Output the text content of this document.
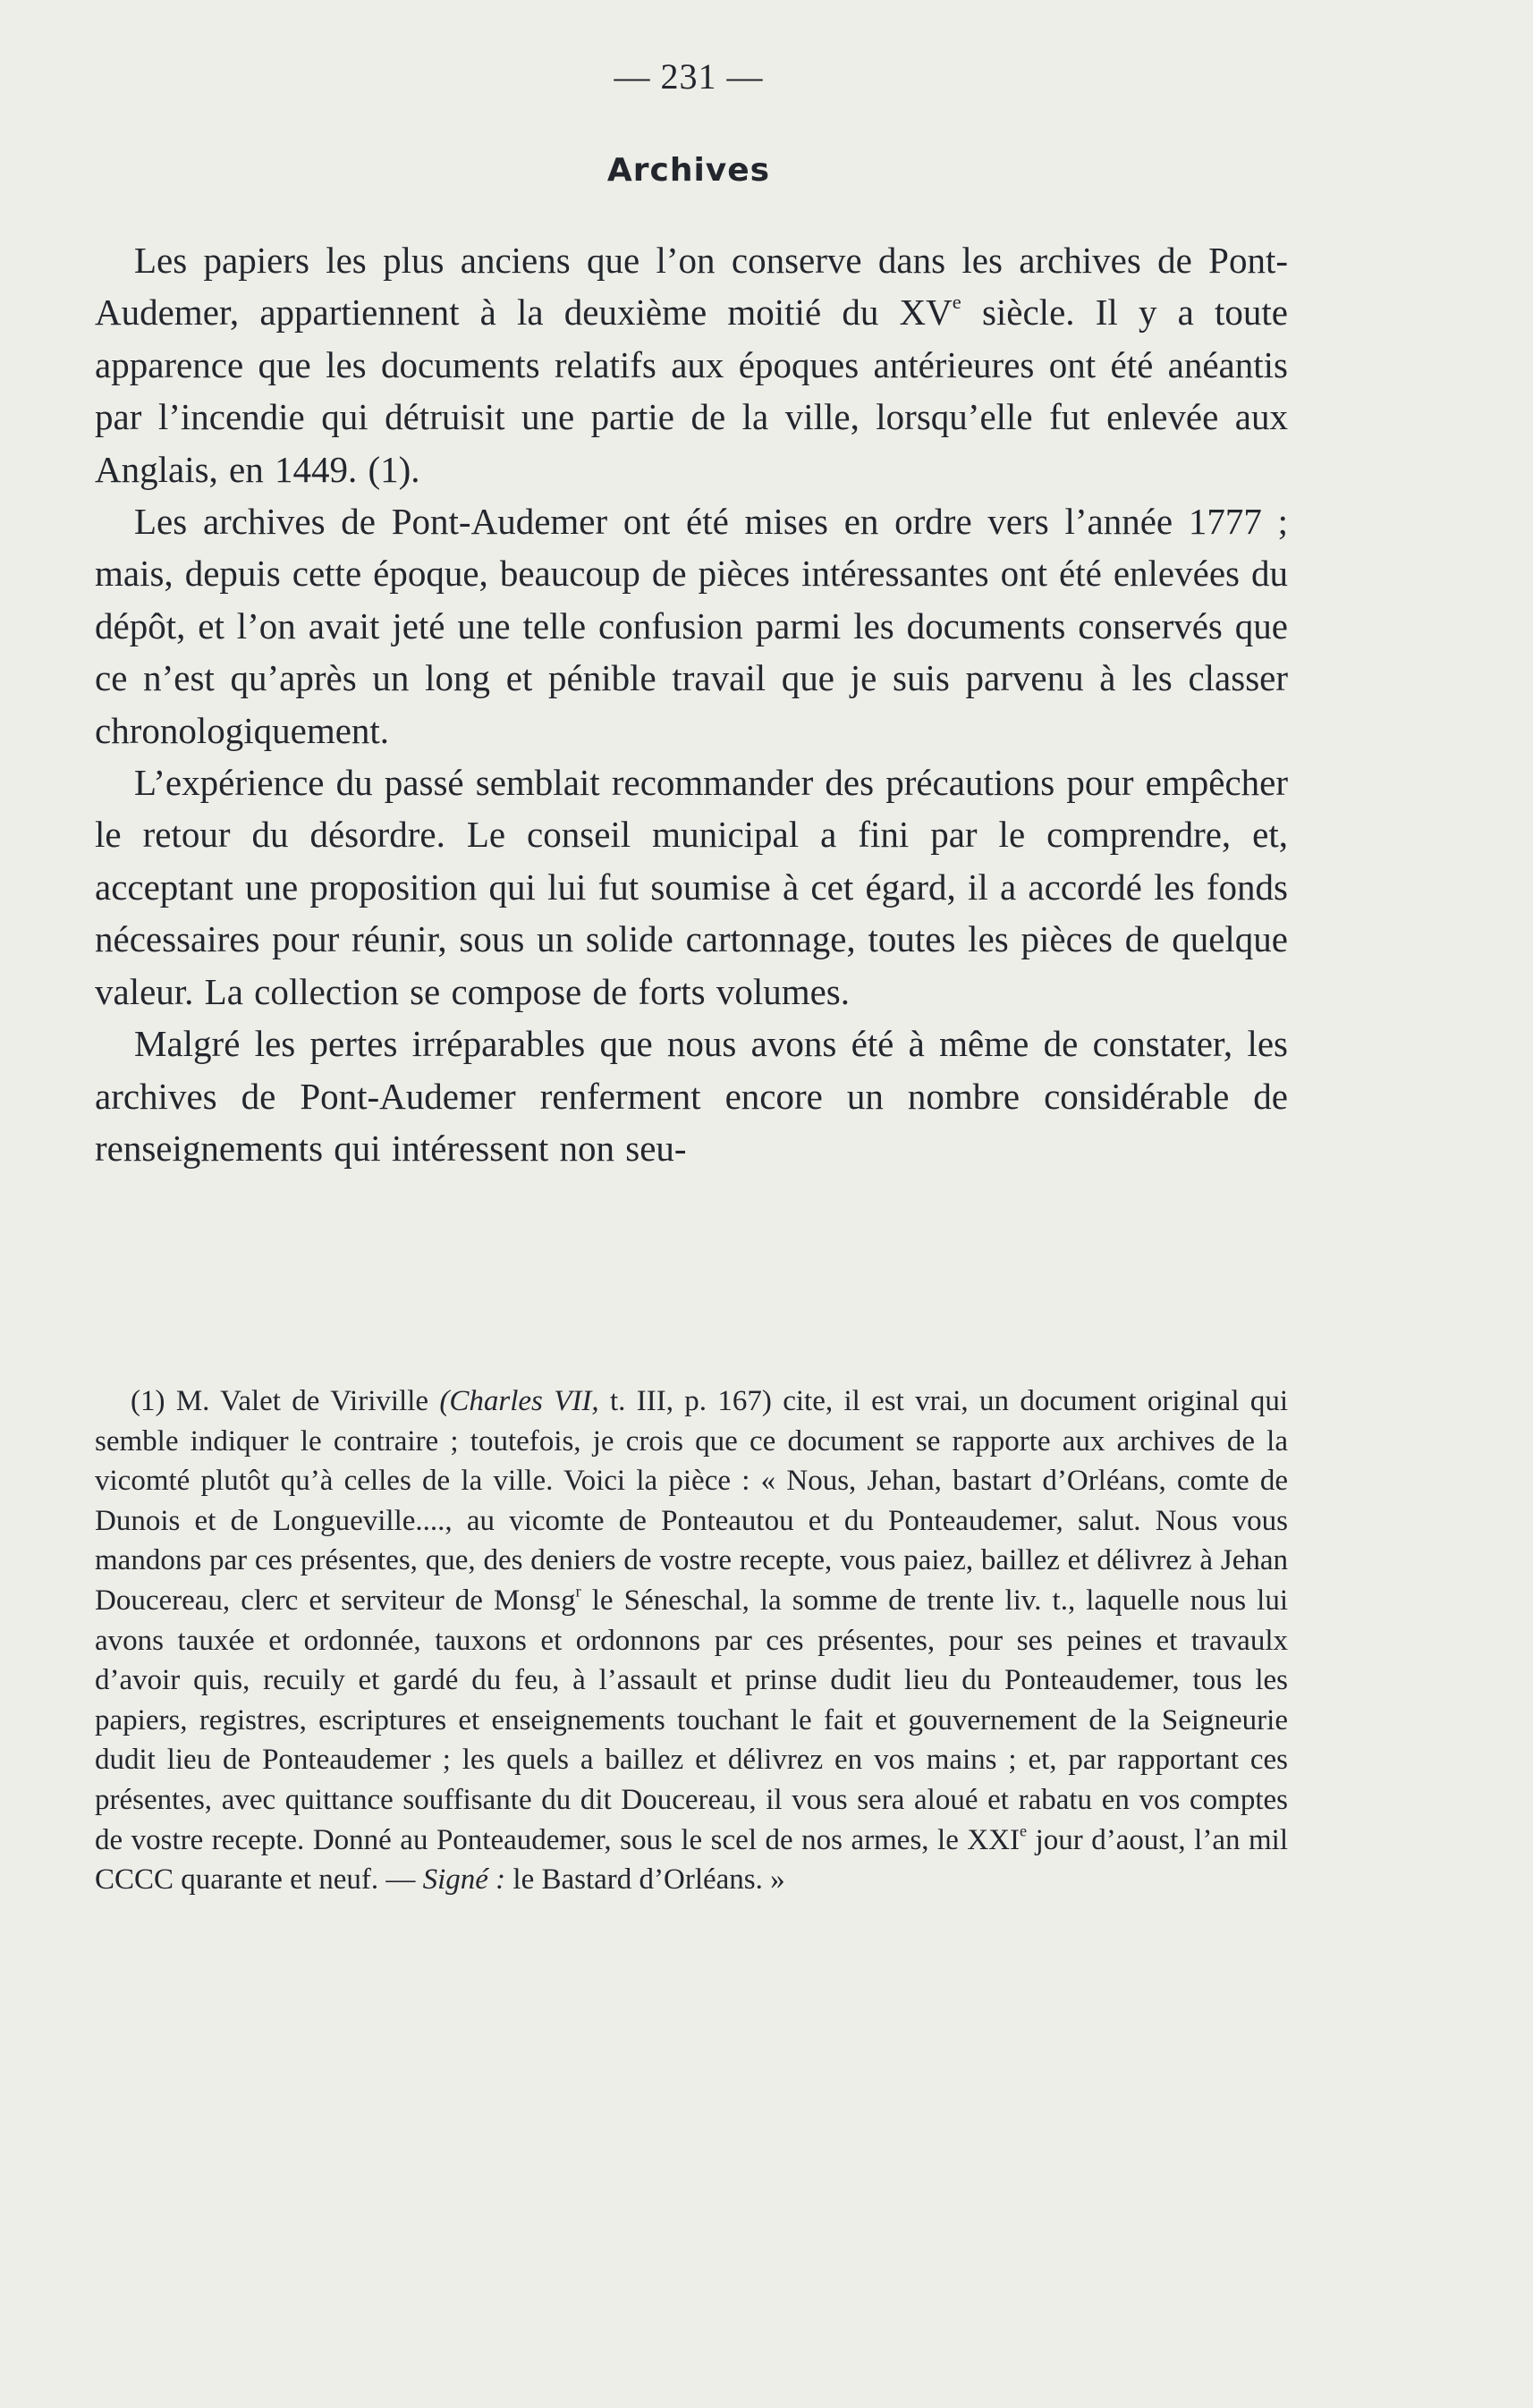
— 231 —
Archives

Les papiers les plus anciens que l’on conserve dans les archives de Pont-Audemer, appartiennent à la deuxième moitié du XVe siècle. Il y a toute apparence que les documents relatifs aux époques antérieures ont été anéantis par l’incendie qui détruisit une partie de la ville, lorsqu’elle fut enlevée aux Anglais, en 1449. (1).

Les archives de Pont-Audemer ont été mises en ordre vers l’année 1777 ; mais, depuis cette époque, beaucoup de pièces intéressantes ont été enlevées du dépôt, et l’on avait jeté une telle confusion parmi les documents conservés que ce n’est qu’après un long et pénible travail que je suis parvenu à les classer chronologiquement.

L’expérience du passé semblait recommander des précautions pour empêcher le retour du désordre. Le conseil municipal a fini par le comprendre, et, acceptant une proposition qui lui fut soumise à cet égard, il a accordé les fonds nécessaires pour réunir, sous un solide cartonnage, toutes les pièces de quelque valeur. La collection se compose de forts volumes.

Malgré les pertes irréparables que nous avons été à même de constater, les archives de Pont-Audemer renferment encore un nombre considérable de renseignements qui intéressent non seu-

(1) M. Valet de Viriville (Charles VII, t. III, p. 167) cite, il est vrai, un document original qui semble indiquer le contraire ; toutefois, je crois que ce document se rapporte aux archives de la vicomté plutôt qu’à celles de la ville. Voici la pièce : « Nous, Jehan, bastart d’Orléans, comte de Dunois et de Longueville...., au vicomte de Ponteautou et du Ponteaudemer, salut. Nous vous mandons par ces présentes, que, des deniers de vostre recepte, vous paiez, baillez et délivrez à Jehan Doucereau, clerc et serviteur de Monsg$^r$ le Séneschal, la somme de trente liv. t., laquelle nous lui avons tauxée et ordonnée, tauxons et ordonnons par ces présentes, pour ses peines et travaulx d’avoir quis, recuily et gardé du feu, à l’assault et prinse dudit lieu du Ponteaudemer, tous les papiers, registres, escriptures et enseignements touchant le fait et gouvernement de la Seigneurie dudit lieu de Ponteaudemer ; les quels a baillez et délivrez en vos mains ; et, par rapportant ces présentes, avec quittance souffisante du dit Doucereau, il vous sera aloué et rabatu en vos comptes de vostre recepte. Donné au Ponteaudemer, sous le scel de nos armes, le XXIe jour d’aoust, l’an mil CCCC quarante et neuf. — Signé : le Bastard d’Orléans. »
